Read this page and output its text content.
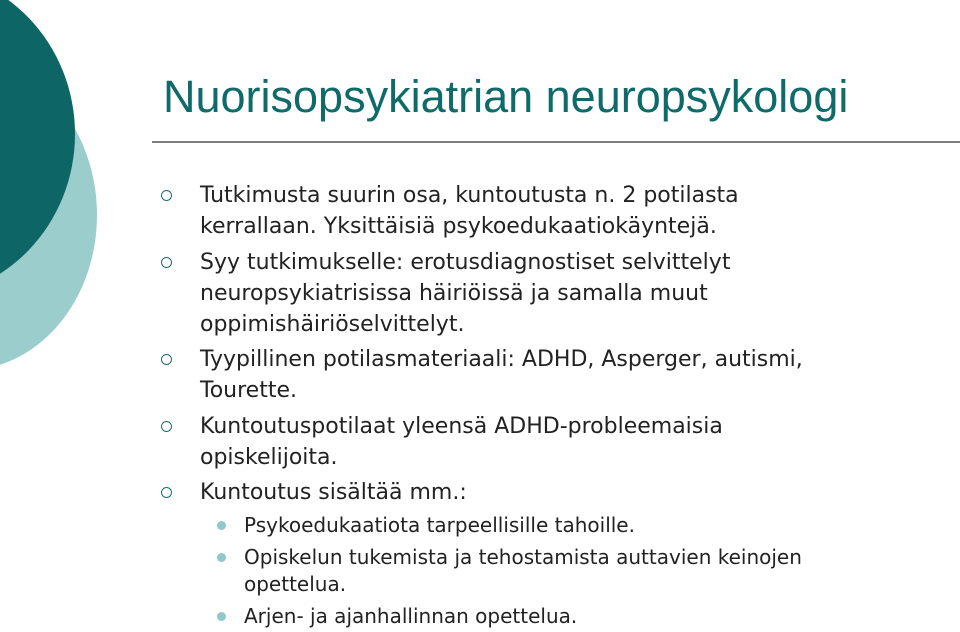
Nuorisopsykiatrian neuropsykologi
Tutkimusta suurin osa, kuntoutusta n. 2 potilasta
kerrallaan. Yksittäisiä psykoedukaatiokäyntejä.
Syy tutkimukselle: erotusdiagnostiset selvittelyt
neuropsykiatrisissa häiriöissä ja samalla muut
oppimishäiriöselvittelyt.
Tyypillinen potilasmateriaali: ADHD, Asperger, autismi,
Tourette.
Kuntoutuspotilaat yleensä ADHD-probleemaisia
opiskelijoita.
Kuntoutus sisältää mm.:
Psykoedukaatiota tarpeellisille tahoille.
Opiskelun tukemista ja tehostamista auttavien keinojen
opettelua.
Arjen- ja ajanhallinnan opettelua.
